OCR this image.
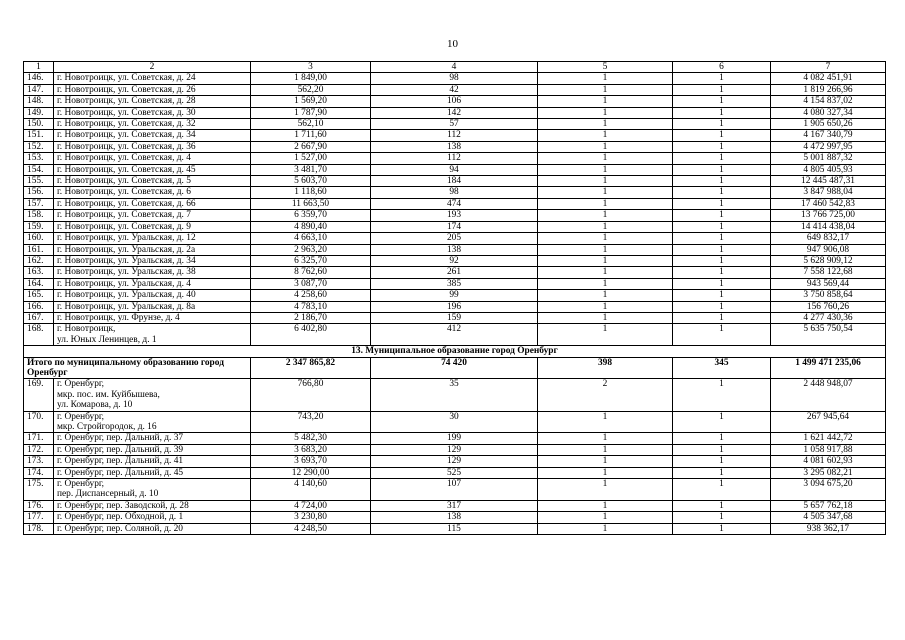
10
1	2	3	4	5	6	7
146.	г. Новотроицк, ул. Советская, д. 24	1 849,00	98	1	1	4 082 451,91
147.	г. Новотроицк, ул. Советская, д. 26	562,20	42	1	1	1 819 266,96
148.	г. Новотроицк, ул. Советская, д. 28	1 569,20	106	1	1	4 154 837,02
149.	г. Новотроицк, ул. Советская, д. 30	1 787,90	142	1	1	4 080 327,34
150.	г. Новотроицк, ул. Советская, д. 32	562,10	57	1	1	1 905 650,26
151.	г. Новотроицк, ул. Советская, д. 34	1 711,60	112	1	1	4 167 340,79
152.	г. Новотроицк, ул. Советская, д. 36	2 667,90	138	1	1	4 472 997,95
153.	г. Новотроицк, ул. Советская, д. 4	1 527,00	112	1	1	5 001 887,32
154.	г. Новотроицк, ул. Советская, д. 45	3 481,70	94	1	1	4 805 405,93
155.	г. Новотроицк, ул. Советская, д. 5	5 603,70	184	1	1	12 445 487,31
156.	г. Новотроицк, ул. Советская, д. 6	1 118,60	98	1	1	3 847 988,04
157.	г. Новотроицк, ул. Советская, д. 66	11 663,50	474	1	1	17 460 542,83
158.	г. Новотроицк, ул. Советская, д. 7	6 359,70	193	1	1	13 766 725,00
159.	г. Новотроицк, ул. Советская, д. 9	4 890,40	174	1	1	14 414 438,04
160.	г. Новотроицк, ул. Уральская, д. 12	4 663,10	205	1	1	649 832,17
161.	г. Новотроицк, ул. Уральская, д. 2а	2 963,20	138	1	1	947 906,08
162.	г. Новотроицк, ул. Уральская, д. 34	6 325,70	92	1	1	5 628 909,12
163.	г. Новотроицк, ул. Уральская, д. 38	8 762,60	261	1	1	7 558 122,68
164.	г. Новотроицк, ул. Уральская, д. 4	3 087,70	385	1	1	943 569,44
165.	г. Новотроицк, ул. Уральская, д. 40	4 258,60	99	1	1	3 750 858,64
166.	г. Новотроицк, ул. Уральская, д. 8а	4 783,10	196	1	1	156 760,26
167.	г. Новотроицк, ул. Фрунзе, д. 4	2 186,70	159	1	1	4 277 430,36
168.	г. Новотроицк,
ул. Юных Ленинцев, д. 1	6 402,80	412	1	1	5 635 750,54
13. Муниципальное образование город Оренбург						
Итого по муниципальному образованию город Оренбург		2 347 865,82	74 420	398	345	1 499 471 235,06
169.	г. Оренбург,
мкр. пос. им. Куйбышева,
ул. Комарова, д. 10	766,80	35	2	1	2 448 948,07
170.	г. Оренбург,
мкр. Стройгородок, д. 16	743,20	30	1	1	267 945,64
171.	г. Оренбург, пер. Дальний, д. 37	5 482,30	199	1	1	1 621 442,72
172.	г. Оренбург, пер. Дальний, д. 39	3 683,20	129	1	1	1 058 917,88
173.	г. Оренбург, пер. Дальний, д. 41	3 693,70	129	1	1	4 081 602,93
174.	г. Оренбург, пер. Дальний, д. 45	12 290,00	525	1	1	3 295 082,21
175.	г. Оренбург,
пер. Диспансерный, д. 10	4 140,60	107	1	1	3 094 675,20
176.	г. Оренбург, пер. Заводской, д. 28	4 724,00	317	1	1	5 657 762,18
177.	г. Оренбург, пер. Обходной, д. 1	3 230,80	138	1	1	4 505 347,68
178.	г. Оренбург, пер. Соляной, д. 20	4 248,50	115	1	1	938 362,17
